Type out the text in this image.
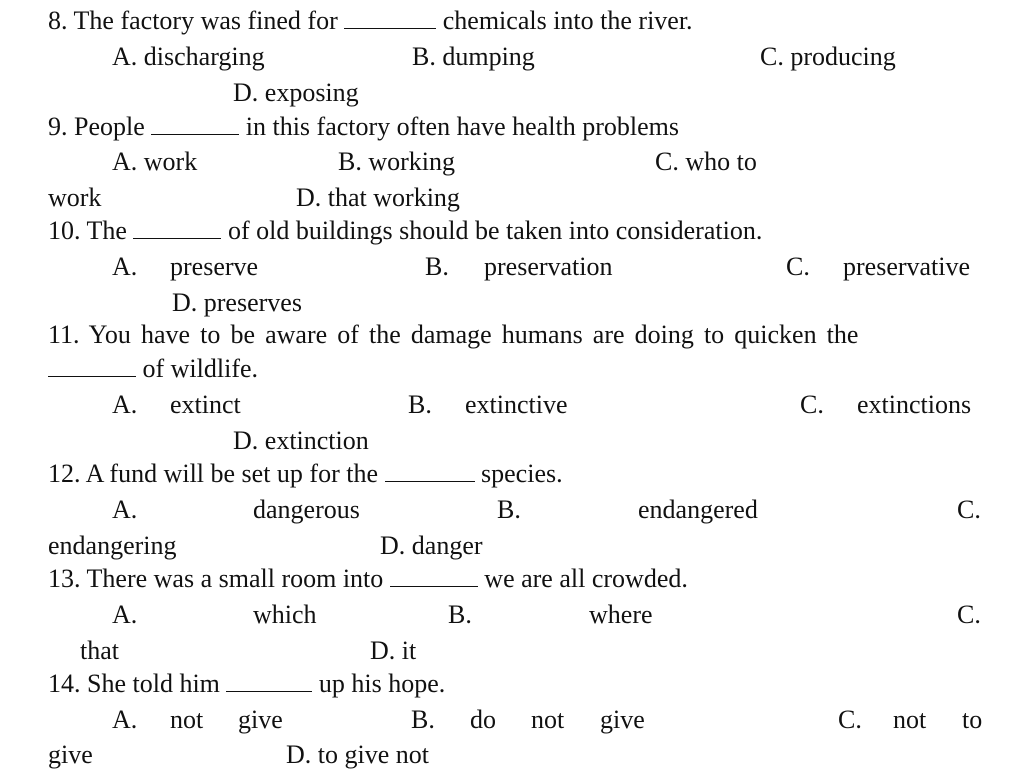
8. The factory was fined for	chemicals into the river.
A. discharging	B. dumping	C. producing
D. exposing
9. People	in this factory often have health problems
A. work	B. working	C. who to
work	D. that working
10. The	of old buildings should be taken into consideration.
A. preserve	B. preservation	C. preservative
D. preserves
11. You have to be aware of the damage humans are doing to quicken the
of wildlife.
A. extinct	B. extinctive	C. extinctions
D. extinction
12. A fund will be set up for the	species.
A.	dangerous	B.	endangered	C.
endangering	D. danger
13. There was a small room into	we are all crowded.
A.	which	B.	where	C.
that	D. it
14. She told him	up his hope.
A. not give	B. do not give	C. not to
give	D. to give not
